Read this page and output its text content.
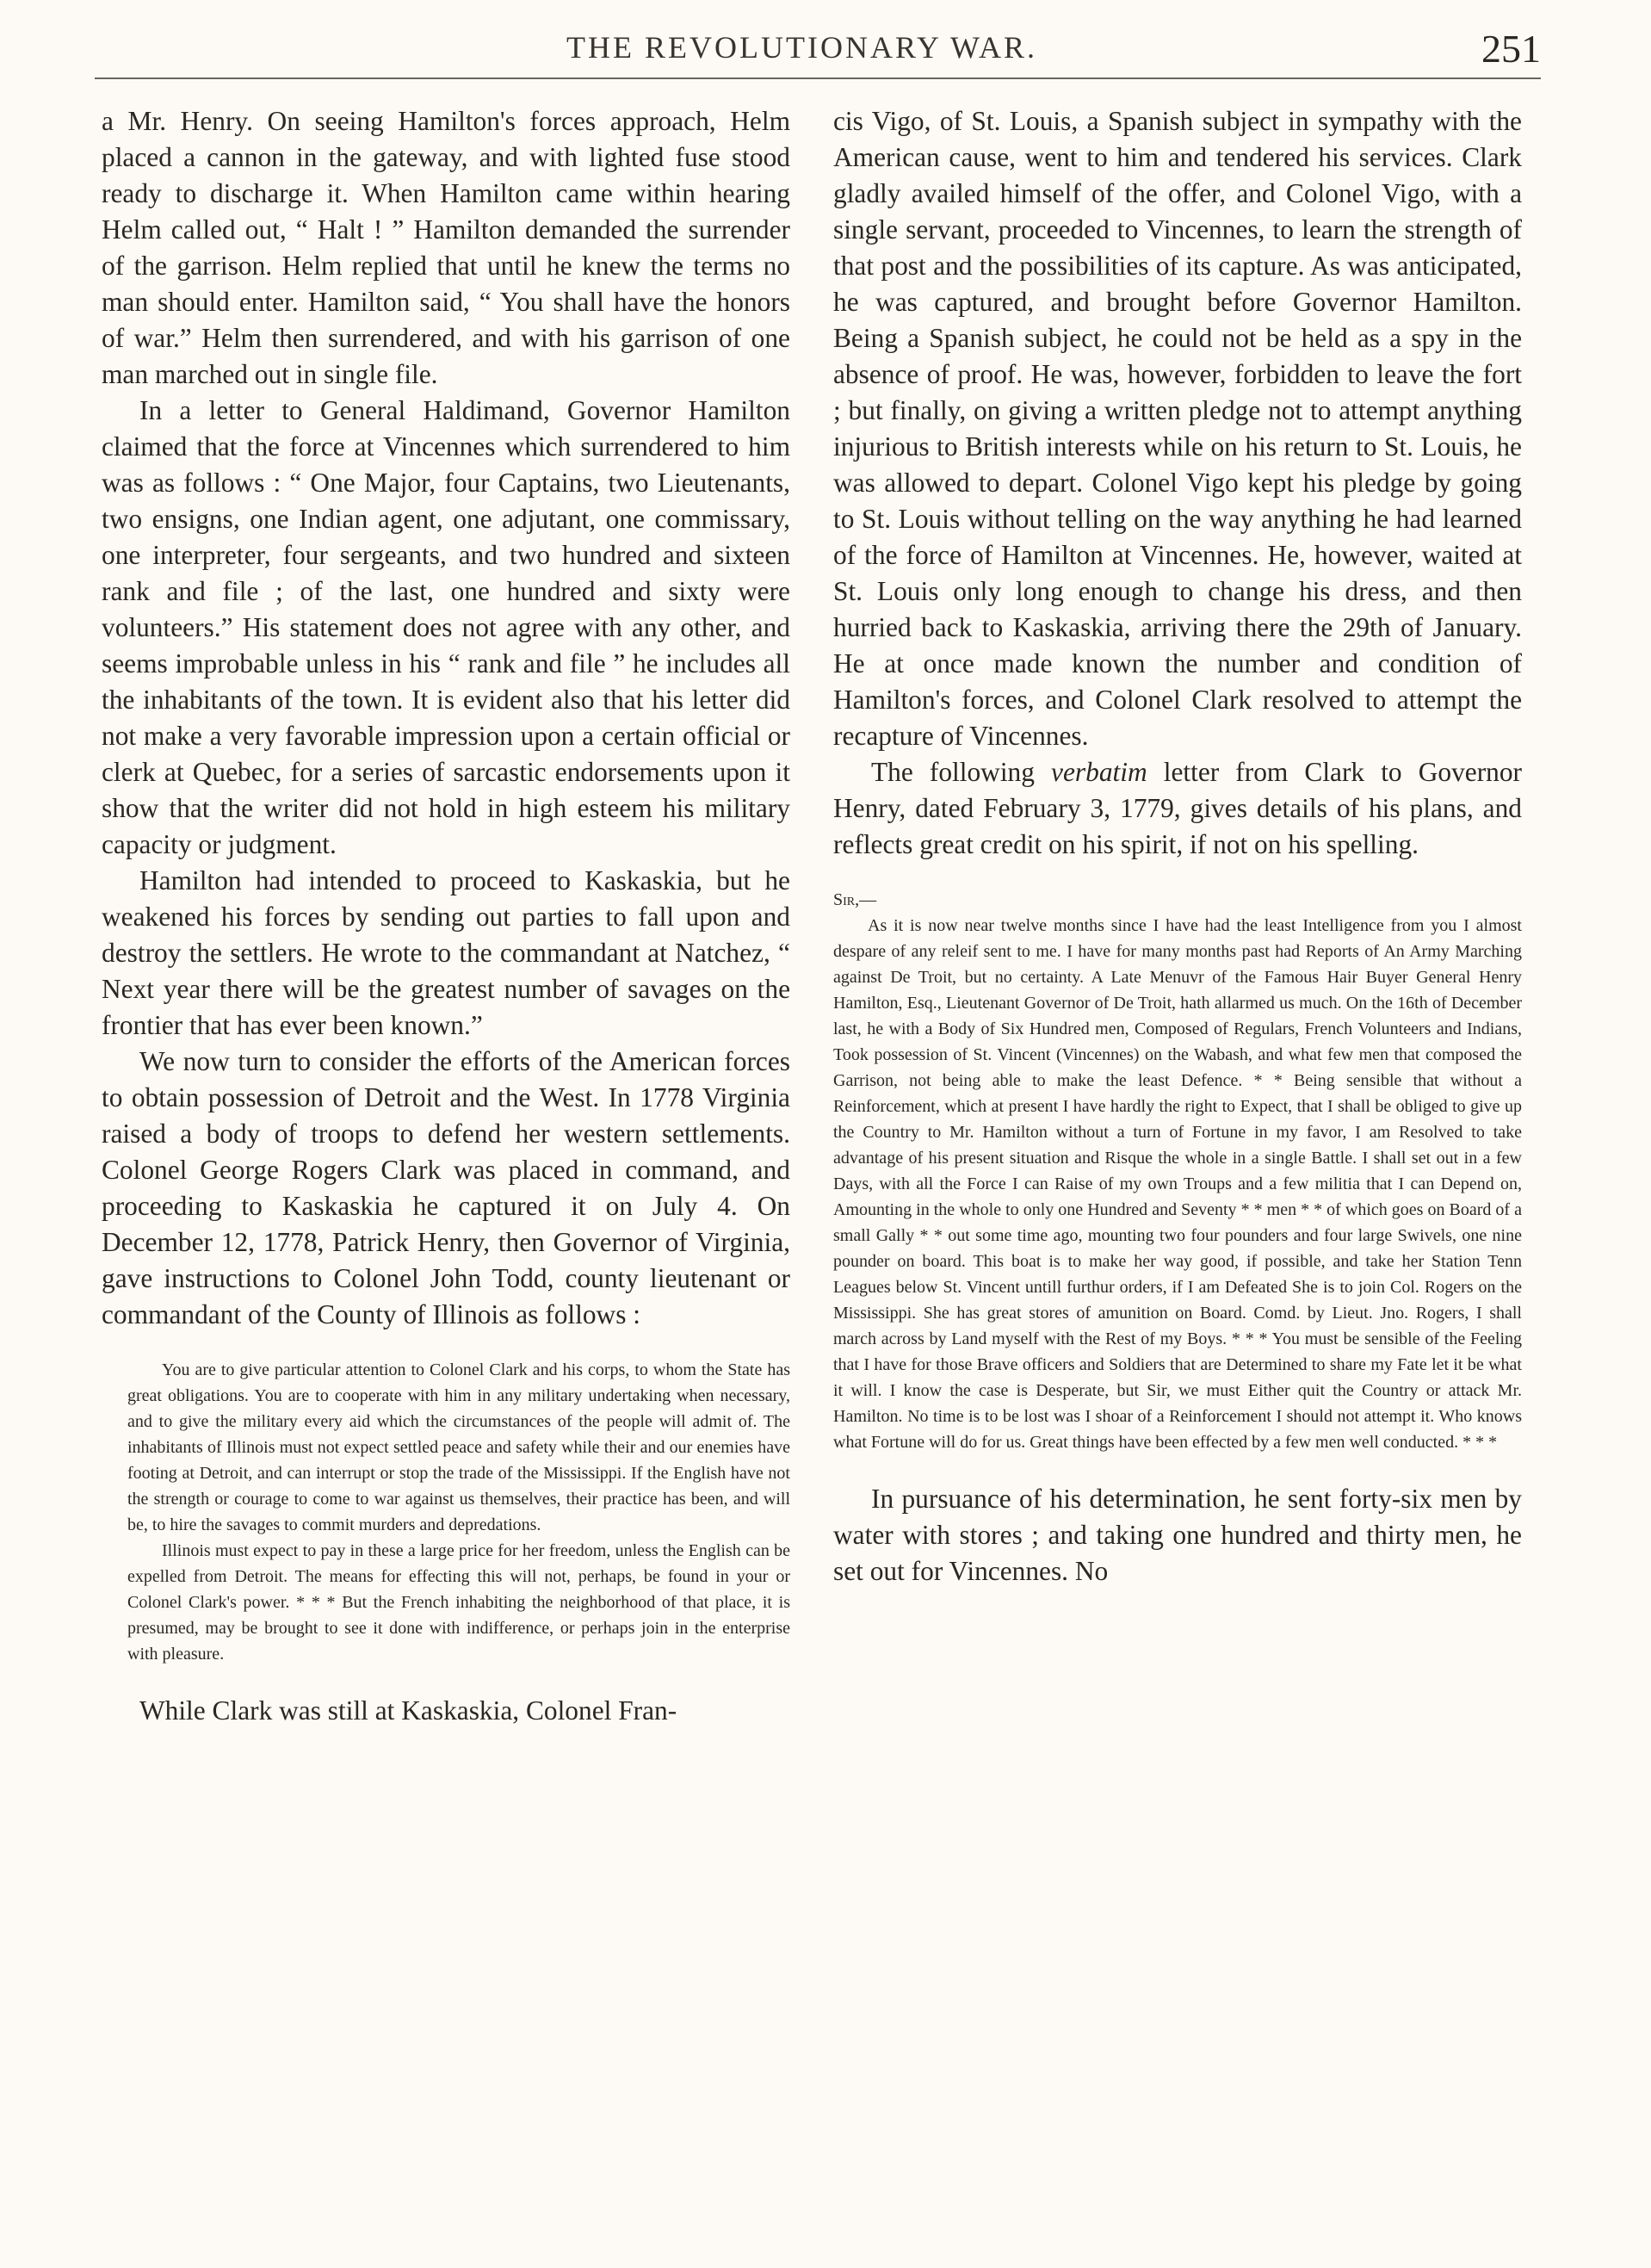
THE REVOLUTIONARY WAR.	251

a Mr. Henry. On seeing Hamilton's forces approach, Helm placed a cannon in the gateway, and with lighted fuse stood ready to discharge it. When Hamilton came within hearing Helm called out, “ Halt ! ” Hamilton demanded the surrender of the garrison. Helm replied that until he knew the terms no man should enter. Hamilton said, “ You shall have the honors of war.” Helm then surrendered, and with his garrison of one man marched out in single file.

In a letter to General Haldimand, Governor Hamilton claimed that the force at Vincennes which surrendered to him was as follows : “ One Major, four Captains, two Lieutenants, two ensigns, one Indian agent, one adjutant, one commissary, one interpreter, four sergeants, and two hundred and sixteen rank and file ; of the last, one hundred and sixty were volunteers.” His statement does not agree with any other, and seems improbable unless in his “ rank and file ” he includes all the inhabitants of the town. It is evident also that his letter did not make a very favorable impression upon a certain official or clerk at Quebec, for a series of sarcastic endorsements upon it show that the writer did not hold in high esteem his military capacity or judgment.

Hamilton had intended to proceed to Kaskaskia, but he weakened his forces by sending out parties to fall upon and destroy the settlers. He wrote to the commandant at Natchez, “ Next year there will be the greatest number of savages on the frontier that has ever been known.”

We now turn to consider the efforts of the American forces to obtain possession of Detroit and the West. In 1778 Virginia raised a body of troops to defend her western settlements. Colonel George Rogers Clark was placed in command, and proceeding to Kaskaskia he captured it on July 4. On December 12, 1778, Patrick Henry, then Governor of Virginia, gave instructions to Colonel John Todd, county lieutenant or commandant of the County of Illinois as follows :

You are to give particular attention to Colonel Clark and his corps, to whom the State has great obligations. You are to cooperate with him in any military undertaking when necessary, and to give the military every aid which the circumstances of the people will admit of. The inhabitants of Illinois must not expect settled peace and safety while their and our enemies have footing at Detroit, and can interrupt or stop the trade of the Mississippi. If the English have not the strength or courage to come to war against us themselves, their practice has been, and will be, to hire the savages to commit murders and depredations.

Illinois must expect to pay in these a large price for her freedom, unless the English can be expelled from Detroit. The means for effecting this will not, perhaps, be found in your or Colonel Clark's power. * * * But the French inhabiting the neighborhood of that place, it is presumed, may be brought to see it done with indifference, or perhaps join in the enterprise with pleasure.

While Clark was still at Kaskaskia, Colonel Fran-

cis Vigo, of St. Louis, a Spanish subject in sympathy with the American cause, went to him and tendered his services. Clark gladly availed himself of the offer, and Colonel Vigo, with a single servant, proceeded to Vincennes, to learn the strength of that post and the possibilities of its capture. As was anticipated, he was captured, and brought before Governor Hamilton. Being a Spanish subject, he could not be held as a spy in the absence of proof. He was, however, forbidden to leave the fort ; but finally, on giving a written pledge not to attempt anything injurious to British interests while on his return to St. Louis, he was allowed to depart. Colonel Vigo kept his pledge by going to St. Louis without telling on the way anything he had learned of the force of Hamilton at Vincennes. He, however, waited at St. Louis only long enough to change his dress, and then hurried back to Kaskaskia, arriving there the 29th of January. He at once made known the number and condition of Hamilton's forces, and Colonel Clark resolved to attempt the recapture of Vincennes.

The following verbatim letter from Clark to Governor Henry, dated February 3, 1779, gives details of his plans, and reflects great credit on his spirit, if not on his spelling.

Sir,—

As it is now near twelve months since I have had the least Intelligence from you I almost despare of any releif sent to me. I have for many months past had Reports of An Army Marching against De Troit, but no certainty. A Late Menuvr of the Famous Hair Buyer General Henry Hamilton, Esq., Lieutenant Governor of De Troit, hath allarmed us much. On the 16th of December last, he with a Body of Six Hundred men, Composed of Regulars, French Volunteers and Indians, Took possession of St. Vincent (Vincennes) on the Wabash, and what few men that composed the Garrison, not being able to make the least Defence. * * Being sensible that without a Reinforcement, which at present I have hardly the right to Expect, that I shall be obliged to give up the Country to Mr. Hamilton without a turn of Fortune in my favor, I am Resolved to take advantage of his present situation and Risque the whole in a single Battle. I shall set out in a few Days, with all the Force I can Raise of my own Troups and a few militia that I can Depend on, Amounting in the whole to only one Hundred and Seventy * * men * * of which goes on Board of a small Gally * * out some time ago, mounting two four pounders and four large Swivels, one nine pounder on board. This boat is to make her way good, if possible, and take her Station Tenn Leagues below St. Vincent untill furthur orders, if I am Defeated She is to join Col. Rogers on the Mississippi. She has great stores of amunition on Board. Comd. by Lieut. Jno. Rogers, I shall march across by Land myself with the Rest of my Boys. * * * You must be sensible of the Feeling that I have for those Brave officers and Soldiers that are Determined to share my Fate let it be what it will. I know the case is Desperate, but Sir, we must Either quit the Country or attack Mr. Hamilton. No time is to be lost was I shoar of a Reinforcement I should not attempt it. Who knows what Fortune will do for us. Great things have been effected by a few men well conducted. * * *

In pursuance of his determination, he sent forty-six men by water with stores ; and taking one hundred and thirty men, he set out for Vincennes. No
